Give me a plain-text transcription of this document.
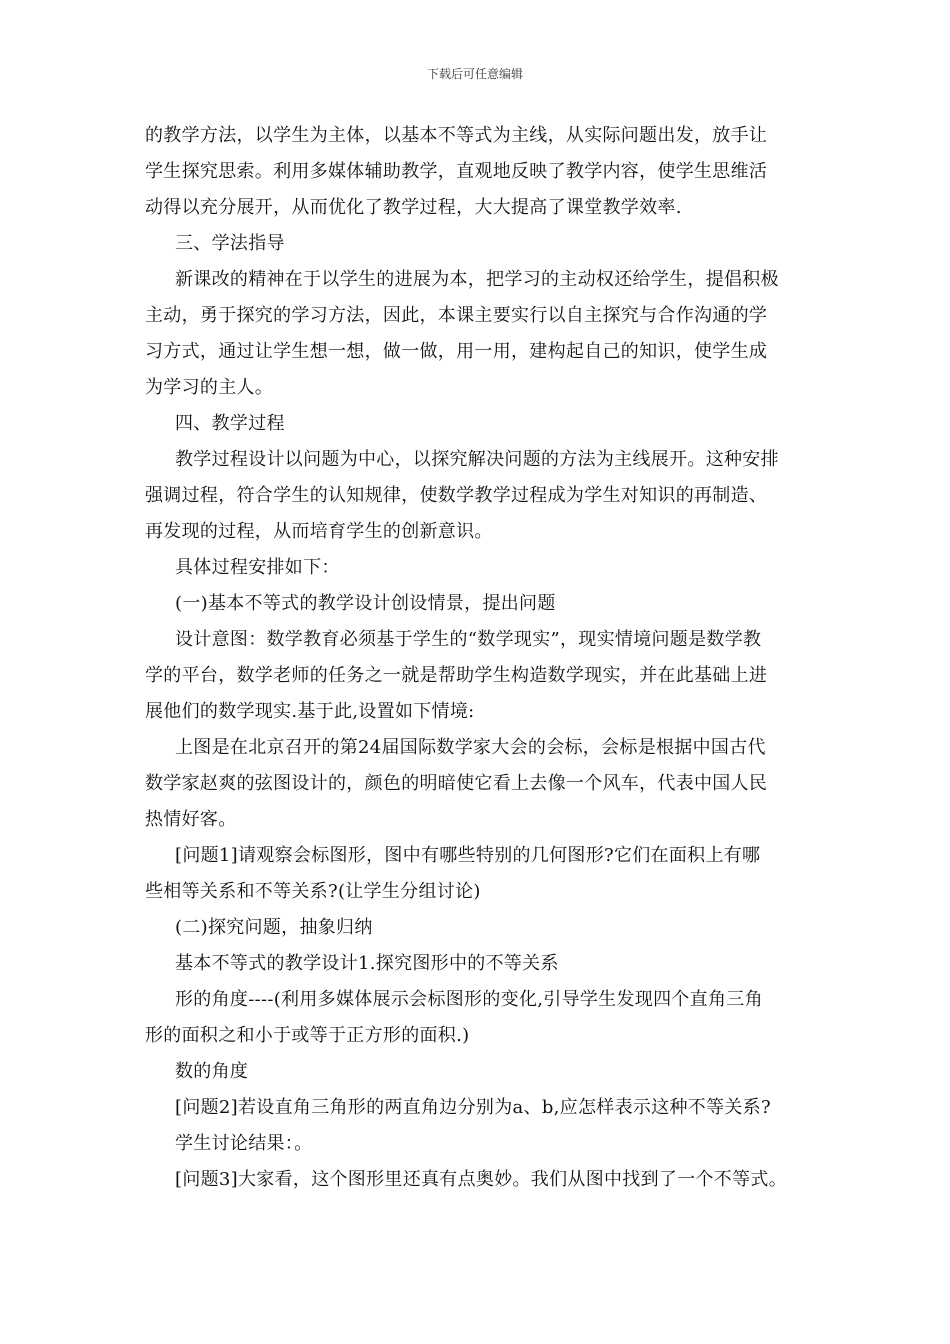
下载后可任意编辑

的教学方法，以学生为主体，以基本不等式为主线，从实际问题出发，放手让

学生探究思索。利用多媒体辅助教学，直观地反映了教学内容，使学生思维活

动得以充分展开，从而优化了教学过程，大大提高了课堂教学效率.

三、学法指导

新课改的精神在于以学生的进展为本，把学习的主动权还给学生，提倡积极

主动，勇于探究的学习方法，因此，本课主要实行以自主探究与合作沟通的学

习方式，通过让学生想一想，做一做，用一用，建构起自己的知识，使学生成

为学习的主人。

四、教学过程

教学过程设计以问题为中心，以探究解决问题的方法为主线展开。这种安排

强调过程，符合学生的认知规律，使数学教学过程成为学生对知识的再制造、

再发现的过程，从而培育学生的创新意识。

具体过程安排如下：

(一)基本不等式的教学设计创设情景，提出问题

设计意图：数学教育必须基于学生的“数学现实”，现实情境问题是数学教

学的平台，数学老师的任务之一就是帮助学生构造数学现实，并在此基础上进

展他们的数学现实.基于此,设置如下情境:

上图是在北京召开的第24届国际数学家大会的会标，会标是根据中国古代

数学家赵爽的弦图设计的，颜色的明暗使它看上去像一个风车，代表中国人民

热情好客。

[问题1]请观察会标图形，图中有哪些特别的几何图形?它们在面积上有哪

些相等关系和不等关系?(让学生分组讨论)

(二)探究问题，抽象归纳

基本不等式的教学设计1.探究图形中的不等关系

形的角度----(利用多媒体展示会标图形的变化,引导学生发现四个直角三角

形的面积之和小于或等于正方形的面积.)

数的角度

[问题2]若设直角三角形的两直角边分别为a、b,应怎样表示这种不等关系?

学生讨论结果：。

[问题3]大家看，这个图形里还真有点奥妙。我们从图中找到了一个不等式。
